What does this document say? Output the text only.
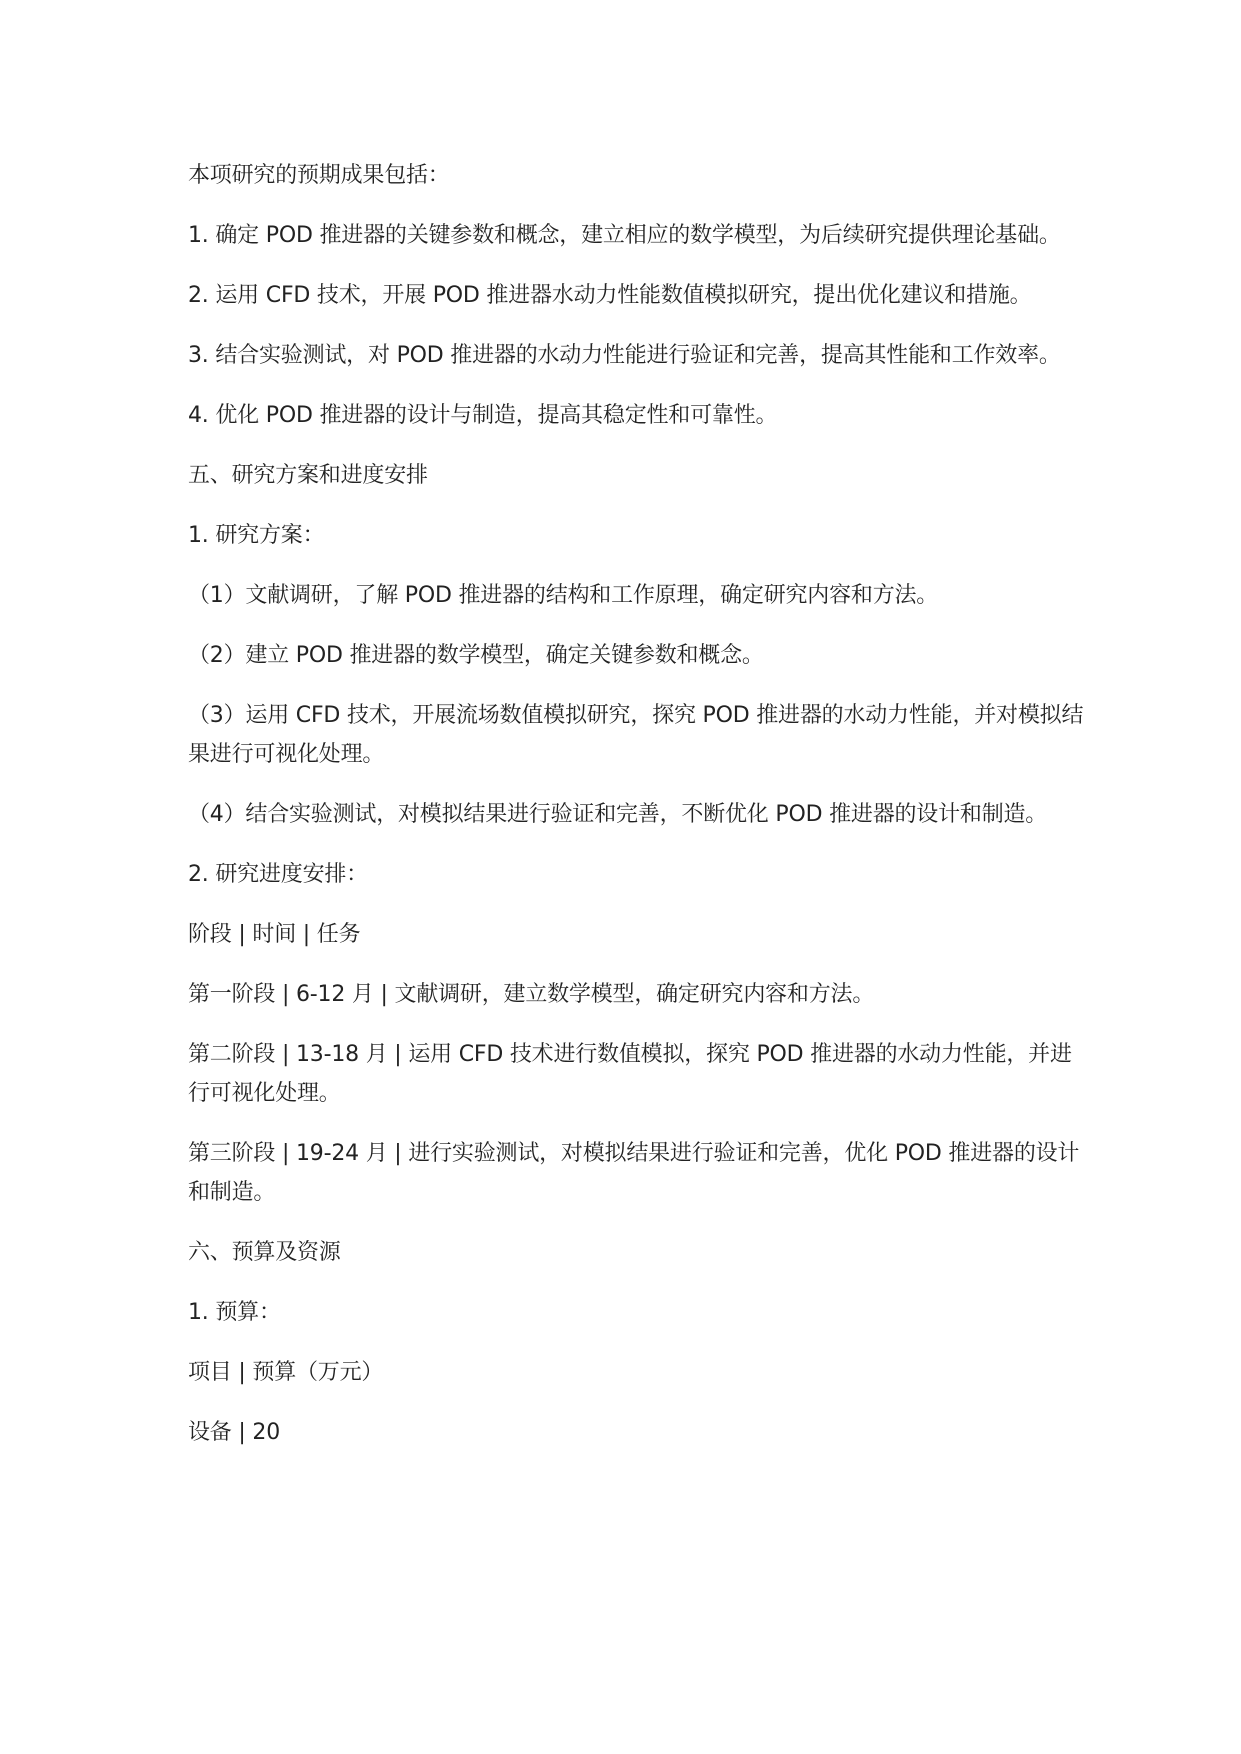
本项研究的预期成果包括：

1. 确定 POD 推进器的关键参数和概念，建立相应的数学模型，为后续研究提供理论基础。

2. 运用 CFD 技术，开展 POD 推进器水动力性能数值模拟研究，提出优化建议和措施。

3. 结合实验测试，对 POD 推进器的水动力性能进行验证和完善，提高其性能和工作效率。

4. 优化 POD 推进器的设计与制造，提高其稳定性和可靠性。

五、研究方案和进度安排

1. 研究方案：

（1）文献调研，了解 POD 推进器的结构和工作原理，确定研究内容和方法。

（2）建立 POD 推进器的数学模型，确定关键参数和概念。

（3）运用 CFD 技术，开展流场数值模拟研究，探究 POD 推进器的水动力性能，并对模拟结果进行可视化处理。

（4）结合实验测试，对模拟结果进行验证和完善，不断优化 POD 推进器的设计和制造。

2. 研究进度安排：

阶段 | 时间 | 任务

第一阶段 | 6-12 月 | 文献调研，建立数学模型，确定研究内容和方法。

第二阶段 | 13-18 月 | 运用 CFD 技术进行数值模拟，探究 POD 推进器的水动力性能，并进行可视化处理。

第三阶段 | 19-24 月 | 进行实验测试，对模拟结果进行验证和完善，优化 POD 推进器的设计和制造。

六、预算及资源

1. 预算：

项目 | 预算（万元）

设备 | 20
